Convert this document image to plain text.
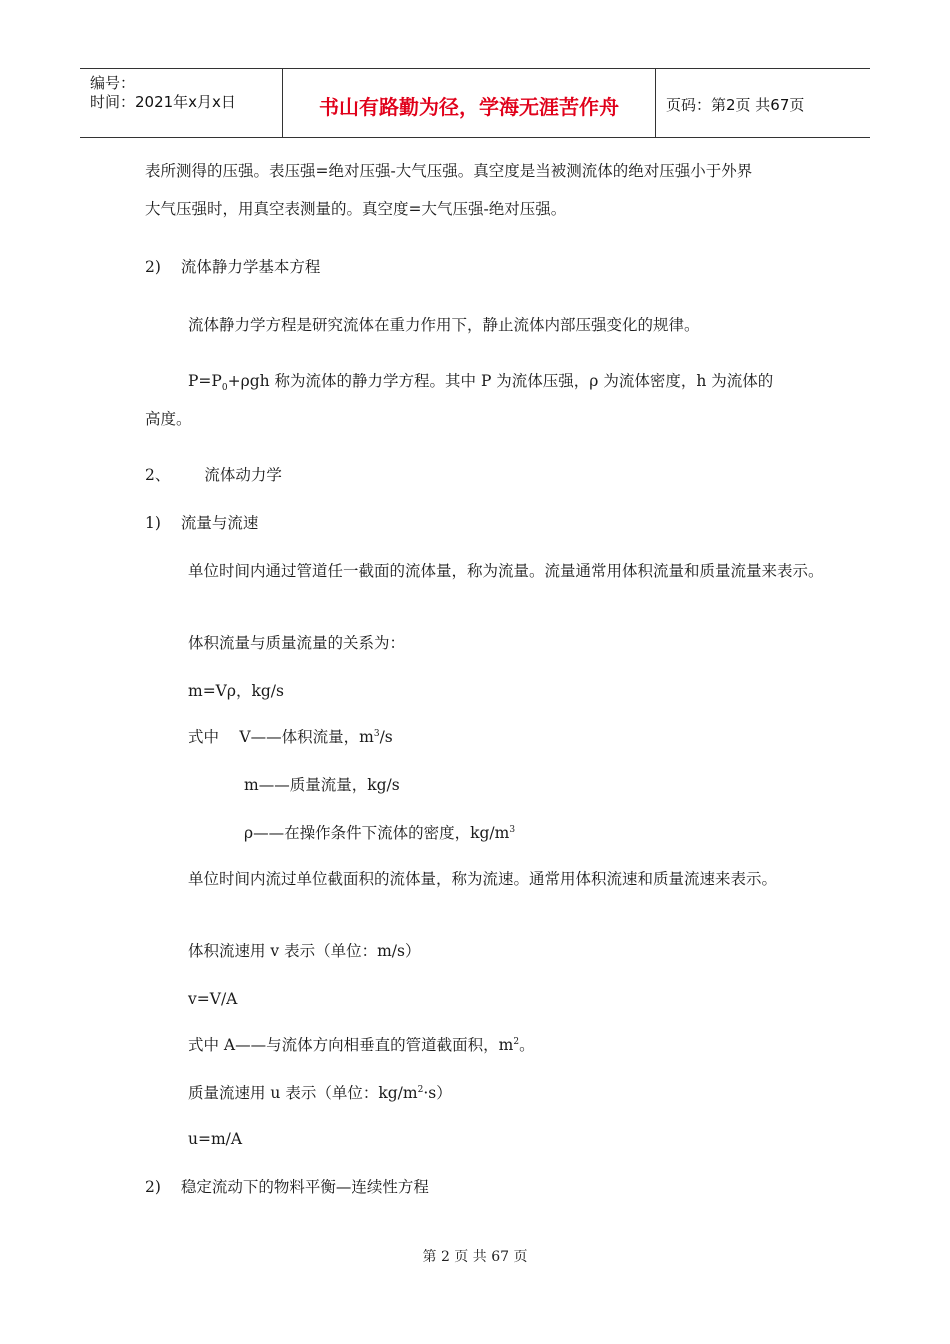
编号：
时间：2021年x月x日	书山有路勤为径，学海无涯苦作舟	页码：第2页 共67页
表所测得的压强。表压强=绝对压强-大气压强。真空度是当被测流体的绝对压强小于外界
大气压强时，用真空表测量的。真空度=大气压强-绝对压强。
2) 流体静力学基本方程
流体静力学方程是研究流体在重力作用下，静止流体内部压强变化的规律。
$P=P_0+\rho gh$ 称为流体的静力学方程。其中 P 为流体压强，ρ 为流体密度，h 为流体的
高度。
2、 流体动力学
1) 流量与流速
单位时间内通过管道任一截面的流体量，称为流量。流量通常用体积流量和质量流量来表示。
体积流量与质量流量的关系为：
m=Vρ，kg/s
式中　 V——体积流量，$m^3/s$
m——质量流量，kg/s
ρ——在操作条件下流体的密度，$kg/m^3$
单位时间内流过单位截面积的流体量，称为流速。通常用体积流速和质量流速来表示。
体积流速用 v 表示（单位：m/s）
v=V/A
式中 A——与流体方向相垂直的管道截面积，$m^2$。
质量流速用 u 表示（单位：$kg/m^2\cdot s$）
u=m/A
2) 稳定流动下的物料平衡—连续性方程
第 2 页 共 67 页
